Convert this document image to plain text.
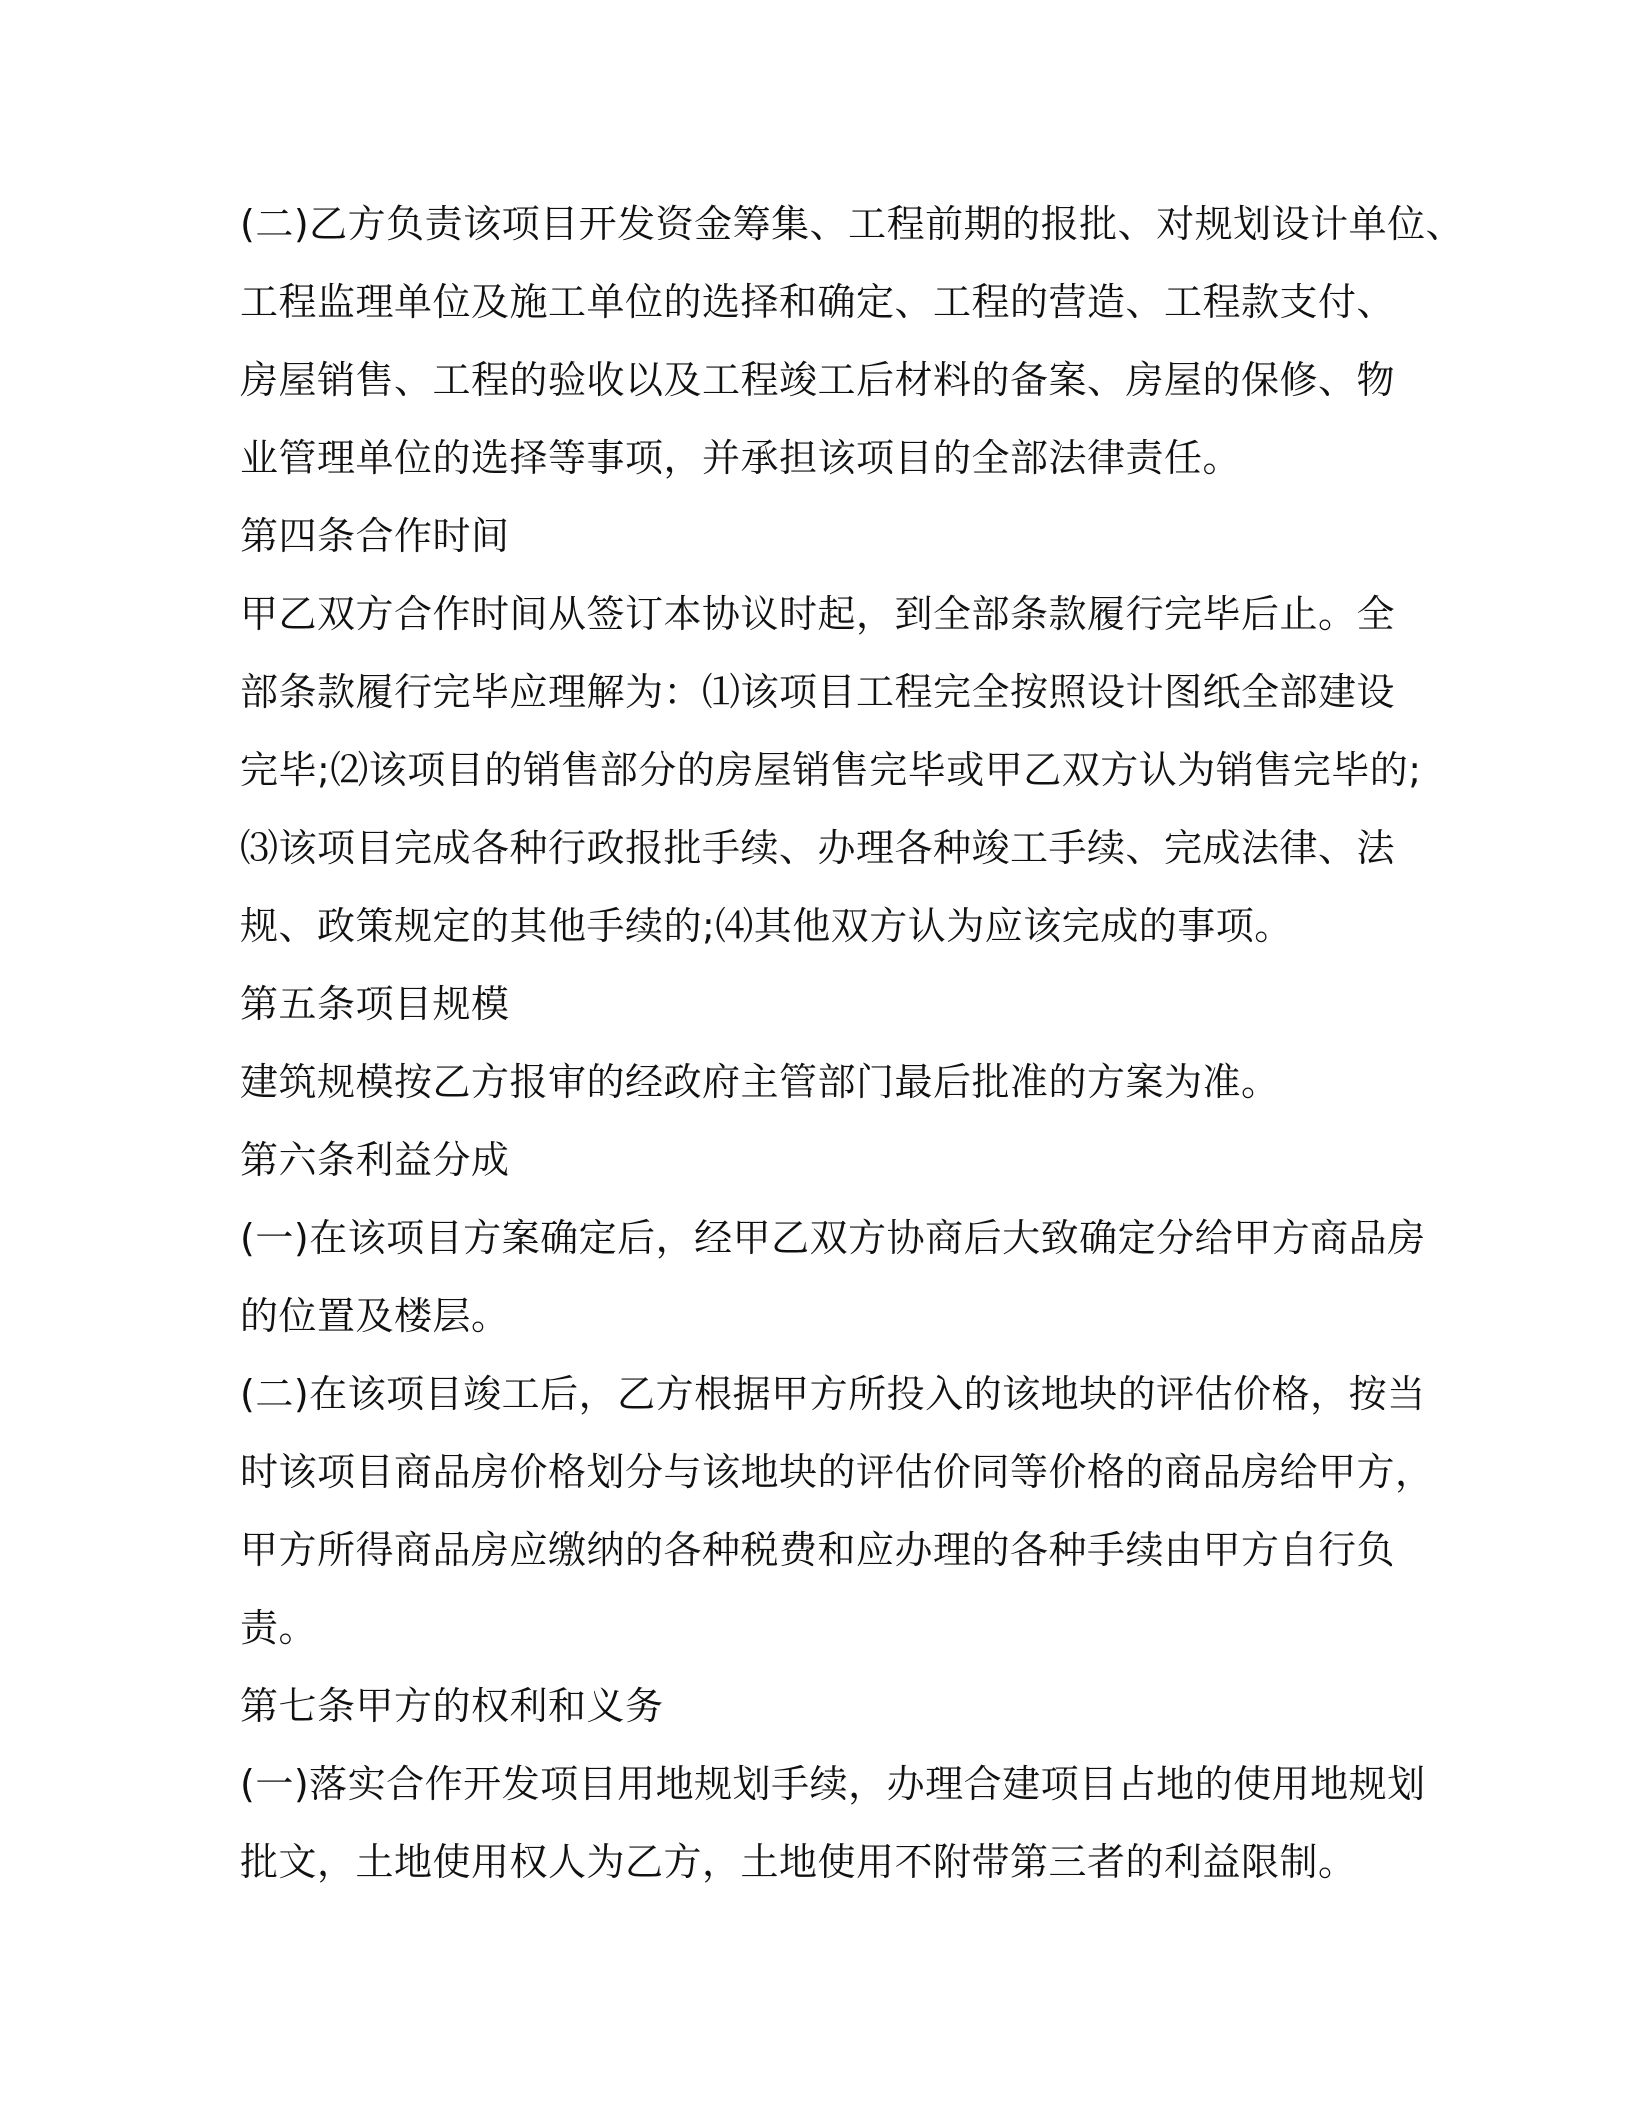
(二)乙方负责该项目开发资金筹集、工程前期的报批、对规划设计单位、
工程监理单位及施工单位的选择和确定、工程的营造、工程款支付、
房屋销售、工程的验收以及工程竣工后材料的备案、房屋的保修、物
业管理单位的选择等事项，并承担该项目的全部法律责任。
第四条合作时间
甲乙双方合作时间从签订本协议时起，到全部条款履行完毕后止。全
部条款履行完毕应理解为：⑴该项目工程完全按照设计图纸全部建设
完毕;⑵该项目的销售部分的房屋销售完毕或甲乙双方认为销售完毕的;
⑶该项目完成各种行政报批手续、办理各种竣工手续、完成法律、法
规、政策规定的其他手续的;⑷其他双方认为应该完成的事项。
第五条项目规模
建筑规模按乙方报审的经政府主管部门最后批准的方案为准。
第六条利益分成
(一)在该项目方案确定后，经甲乙双方协商后大致确定分给甲方商品房
的位置及楼层。
(二)在该项目竣工后，乙方根据甲方所投入的该地块的评估价格，按当
时该项目商品房价格划分与该地块的评估价同等价格的商品房给甲方，
甲方所得商品房应缴纳的各种税费和应办理的各种手续由甲方自行负
责。
第七条甲方的权利和义务
(一)落实合作开发项目用地规划手续，办理合建项目占地的使用地规划
批文，土地使用权人为乙方，土地使用不附带第三者的利益限制。
